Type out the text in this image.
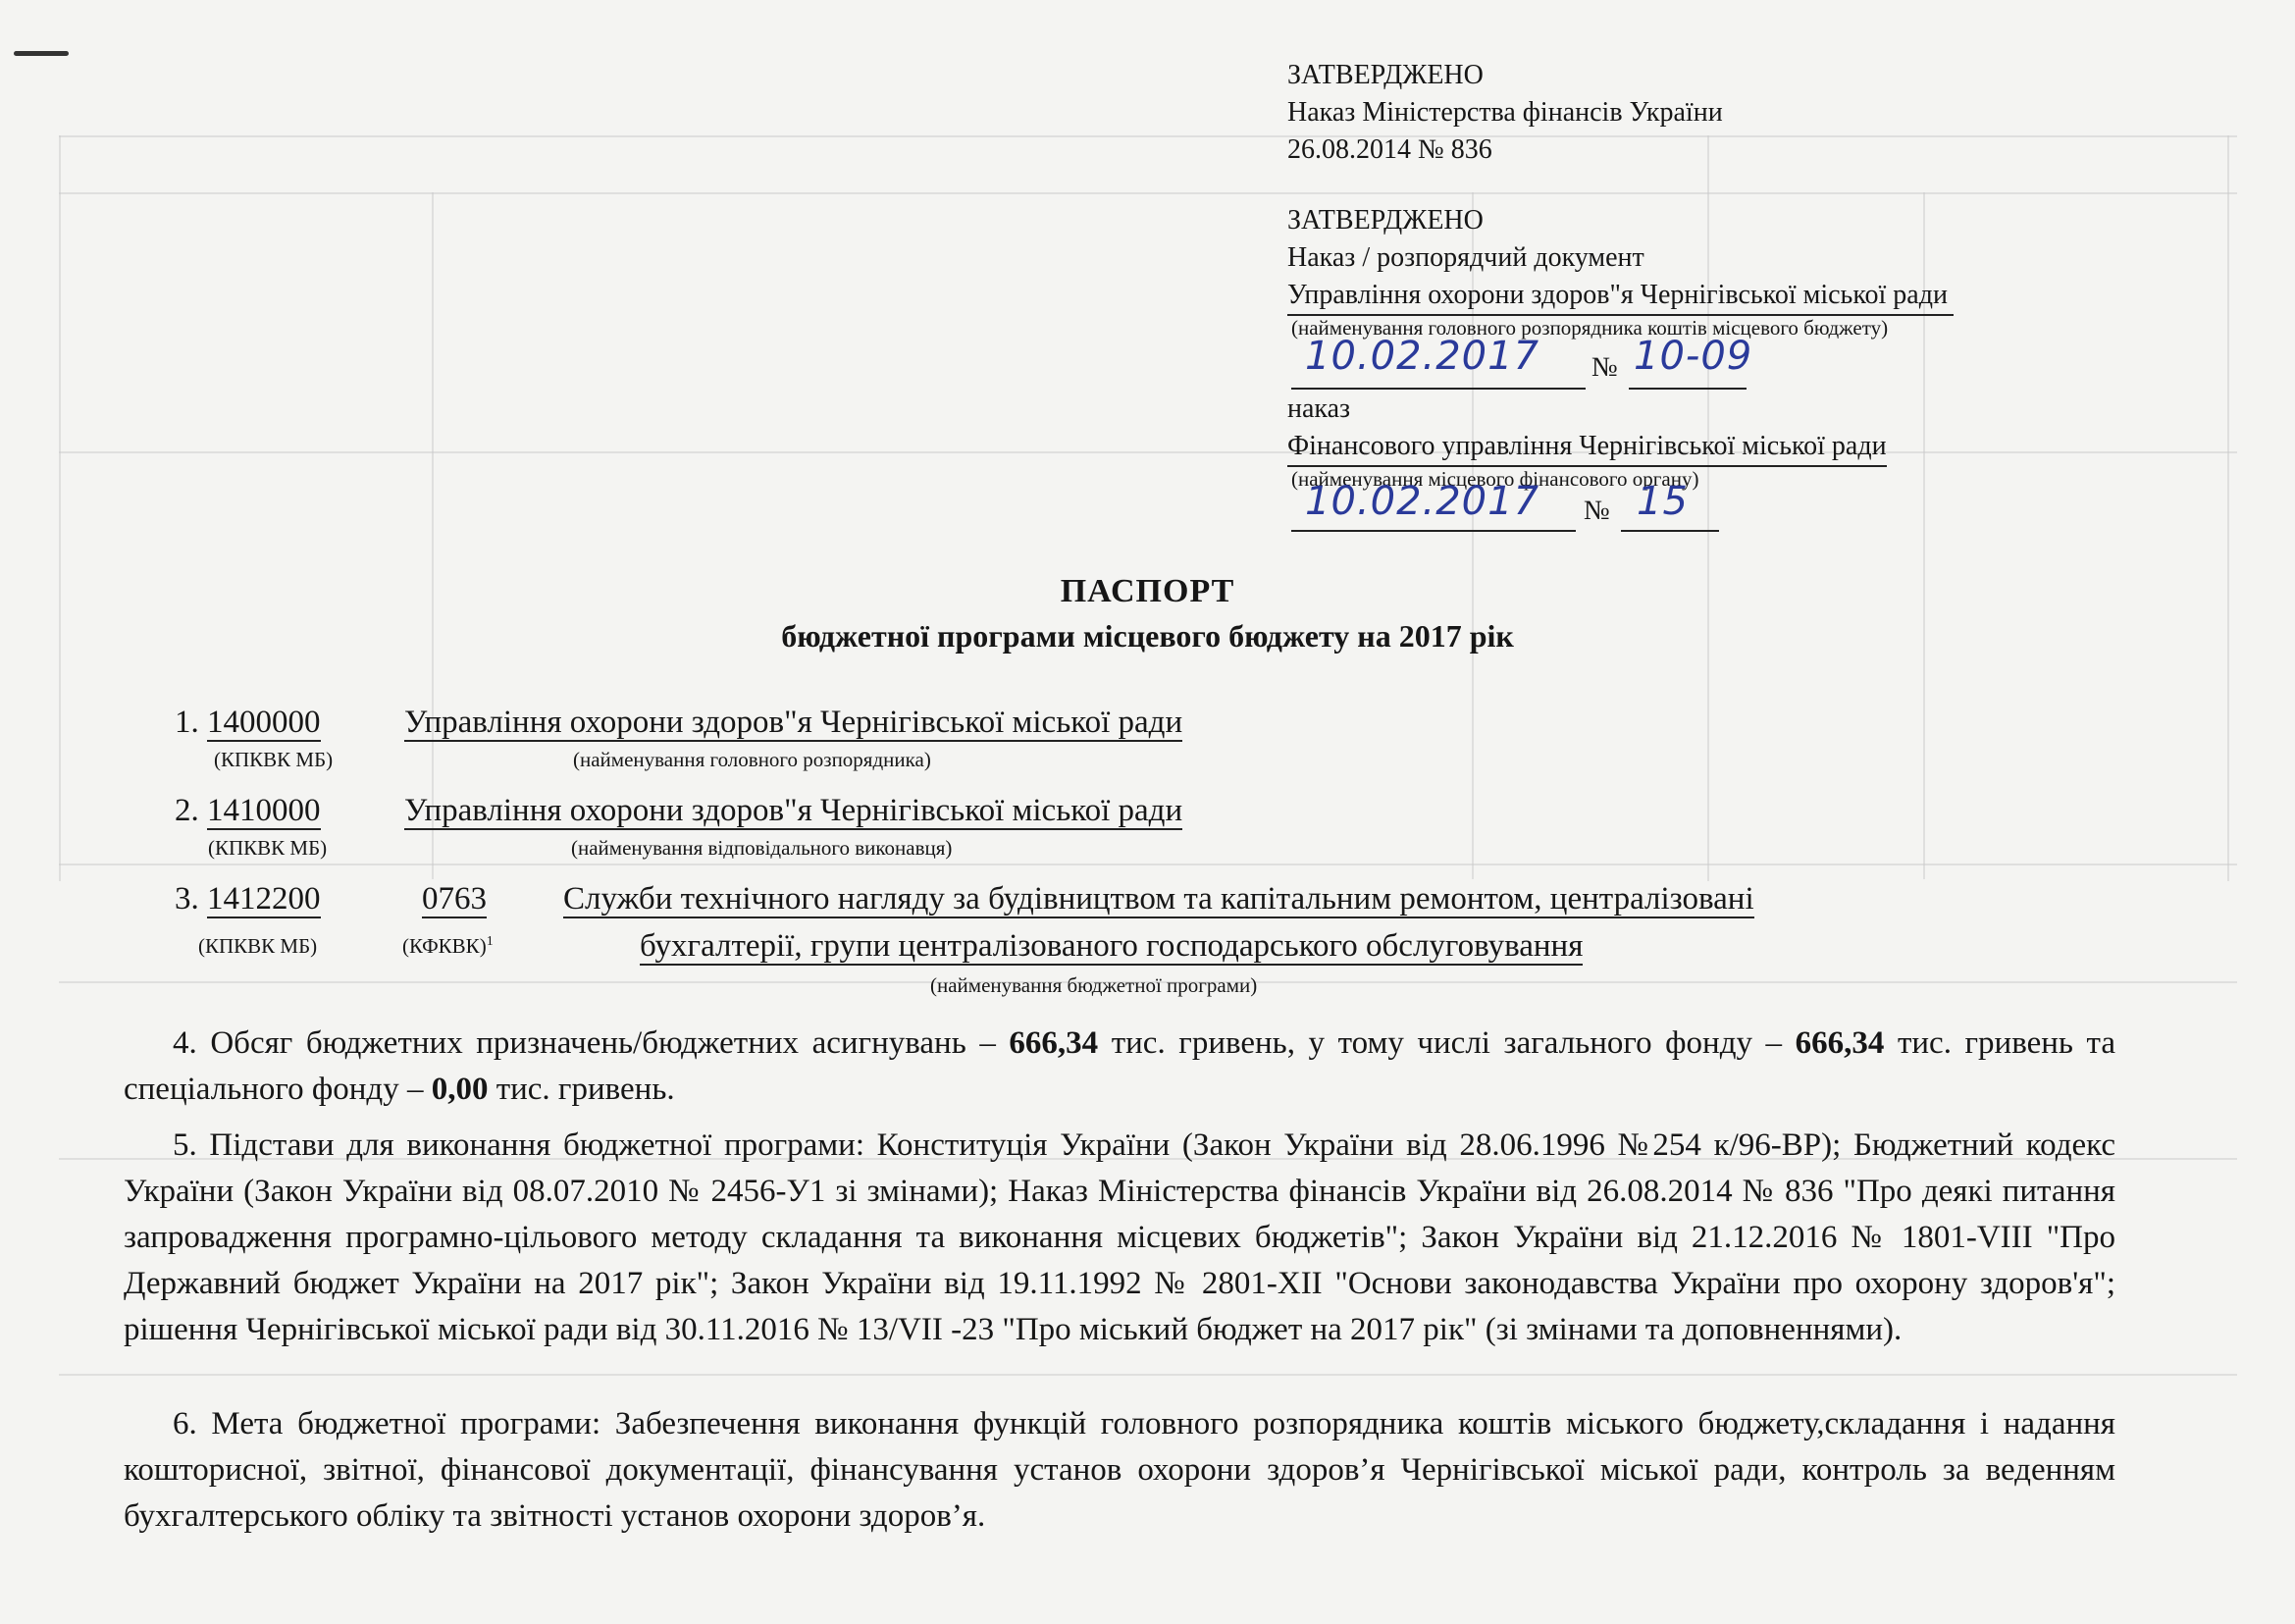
ЗАТВЕРДЖЕНО
Наказ Міністерства фінансів України
26.08.2014 № 836
ЗАТВЕРДЖЕНО
Наказ / розпорядчий документ
Управління охорони здоров"я Чернігівської міської ради
(найменування головного розпорядника коштів місцевого бюджету)
10.02.2017 № 10-09
наказ
Фінансового управління Чернігівської міської ради
(найменування місцевого фінансового органу)
10.02.2017 № 15
ПАСПОРТ
бюджетної програми місцевого бюджету на 2017 рік
1. 1400000	Управління охорони здоров"я Чернігівської міської ради
(КПКВК МБ)	(найменування головного розпорядника)
2. 1410000	Управління охорони здоров"я Чернігівської міської ради
(КПКВК МБ)	(найменування відповідального виконавця)
3. 1412200	0763 Служби технічного нагляду за будівництвом та капітальним ремонтом, централізовані
(КПКВК МБ)	(КФКВК)$^1$	бухгалтерії, групи централізованого господарського обслуговування
(найменування бюджетної програми)
4. Обсяг бюджетних призначень/бюджетних асигнувань – 666,34 тис. гривень, у тому числі загального фонду – 666,34 тис. гривень та спеціального фонду – 0,00 тис. гривень.
5. Підстави для виконання бюджетної програми: Конституція України (Закон України від 28.06.1996 №254 к/96-ВР); Бюджетний кодекс України (Закон України від 08.07.2010 № 2456-У1 зі змінами); Наказ Міністерства фінансів України від 26.08.2014 № 836 "Про деякі питання запровадження програмно-цільового методу складання та виконання місцевих бюджетів"; Закон України від 21.12.2016 № 1801-VIII "Про Державний бюджет України на 2017 рік"; Закон України від 19.11.1992 № 2801-XII "Основи законодавства України про охорону здоров'я"; рішення Чернігівської міської ради від 30.11.2016 № 13/VII -23 "Про міський бюджет на 2017 рік" (зі змінами та доповненнями).
6. Мета бюджетної програми: Забезпечення виконання функцій головного розпорядника коштів міського бюджету,складання і надання кошторисної, звітної, фінансової документації, фінансування установ охорони здоров’я Чернігівської міської ради, контроль за веденням бухгалтерського обліку та звітності установ охорони здоров’я.
